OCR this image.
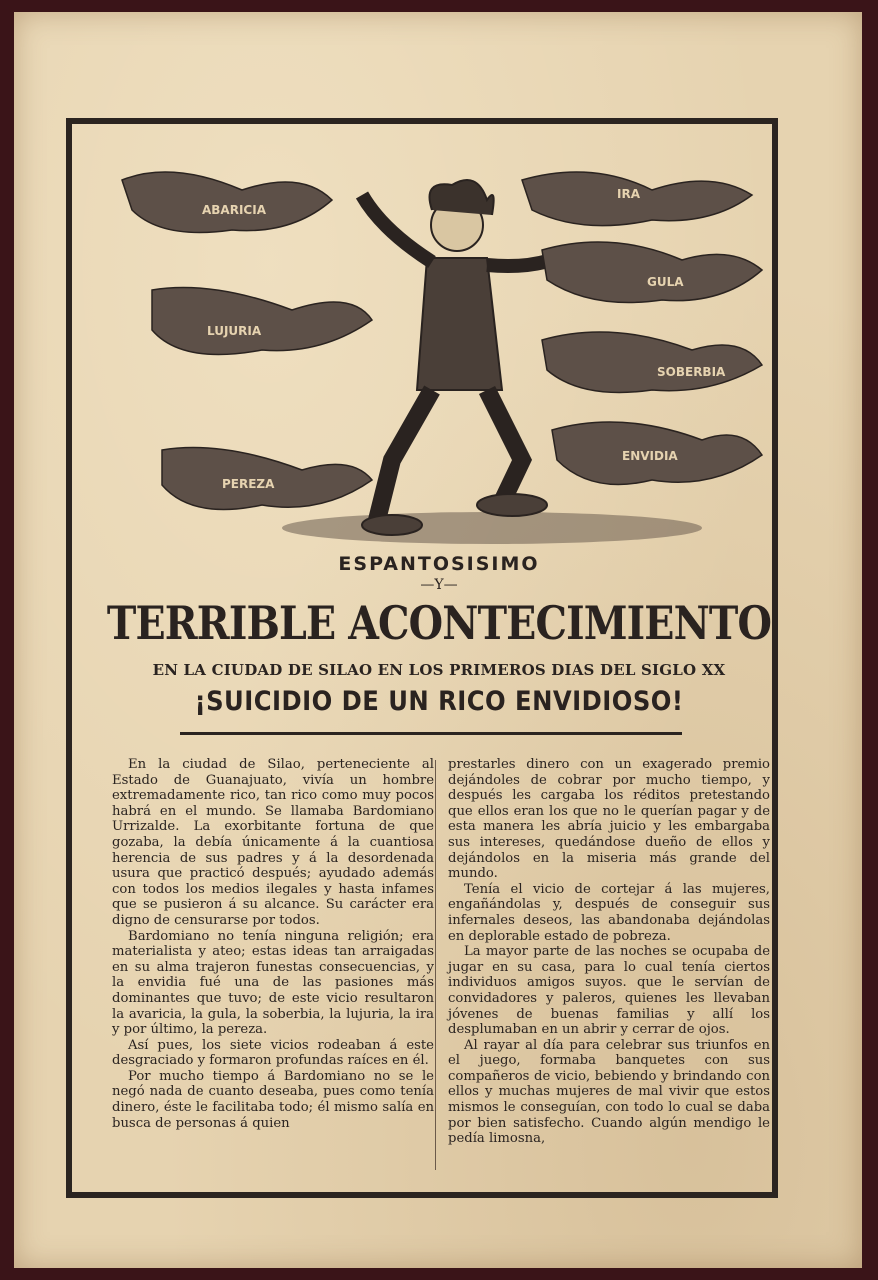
ABARICIA
IRA
GULA
LUJURIA
SOBERBIA
ENVIDIA
PEREZA
ESPANTOSISIMO
—Y—
TERRIBLE ACONTECIMIENTO
EN LA CIUDAD DE SILAO EN LOS PRIMEROS DIAS DEL SIGLO XX
¡SUICIDIO DE UN RICO ENVIDIOSO!

En la ciudad de Silao, perteneciente al Estado de Guanajuato, vivía un hombre extremadamente rico, tan rico como muy pocos habrá en el mundo. Se llamaba Bardomiano Urrizalde. La exorbitante fortuna de que gozaba, la debía únicamente á la cuantiosa herencia de sus padres y á la desordenada usura que practicó después; ayudado además con todos los medios ilegales y hasta infames que se pusieron á su alcance. Su carácter era digno de censurarse por todos.

Bardomiano no tenía ninguna religión; era materialista y ateo; estas ideas tan arraigadas en su alma trajeron funestas consecuencias, y la envidia fué una de las pasiones más dominantes que tuvo; de este vicio resultaron la avaricia, la gula, la soberbia, la lujuria, la ira y por último, la pereza.

Así pues, los siete vicios rodeaban á este desgraciado y formaron profundas raíces en él.

Por mucho tiempo á Bardomiano no se le negó nada de cuanto deseaba, pues como tenía dinero, éste le facilitaba todo; él mismo salía en busca de personas á quien

prestarles dinero con un exagerado premio dejándoles de cobrar por mucho tiempo, y después les cargaba los réditos pretestando que ellos eran los que no le querían pagar y de esta manera les abría juicio y les embargaba sus intereses, quedándose dueño de ellos y dejándolos en la miseria más grande del mundo.

Tenía el vicio de cortejar á las mujeres, engañándolas y, después de conseguir sus infernales deseos, las abandonaba dejándolas en deplorable estado de pobreza.

La mayor parte de las noches se ocupaba de jugar en su casa, para lo cual tenía ciertos individuos amigos suyos. que le servían de convidadores y paleros, quienes les llevaban jóvenes de buenas familias y allí los desplumaban en un abrir y cerrar de ojos.

Al rayar al día para celebrar sus triunfos en el juego, formaba banquetes con sus compañeros de vicio, bebiendo y brindando con ellos y muchas mujeres de mal vivir que estos mismos le conseguían, con todo lo cual se daba por bien satisfecho. Cuando algún mendigo le pedía limosna,
